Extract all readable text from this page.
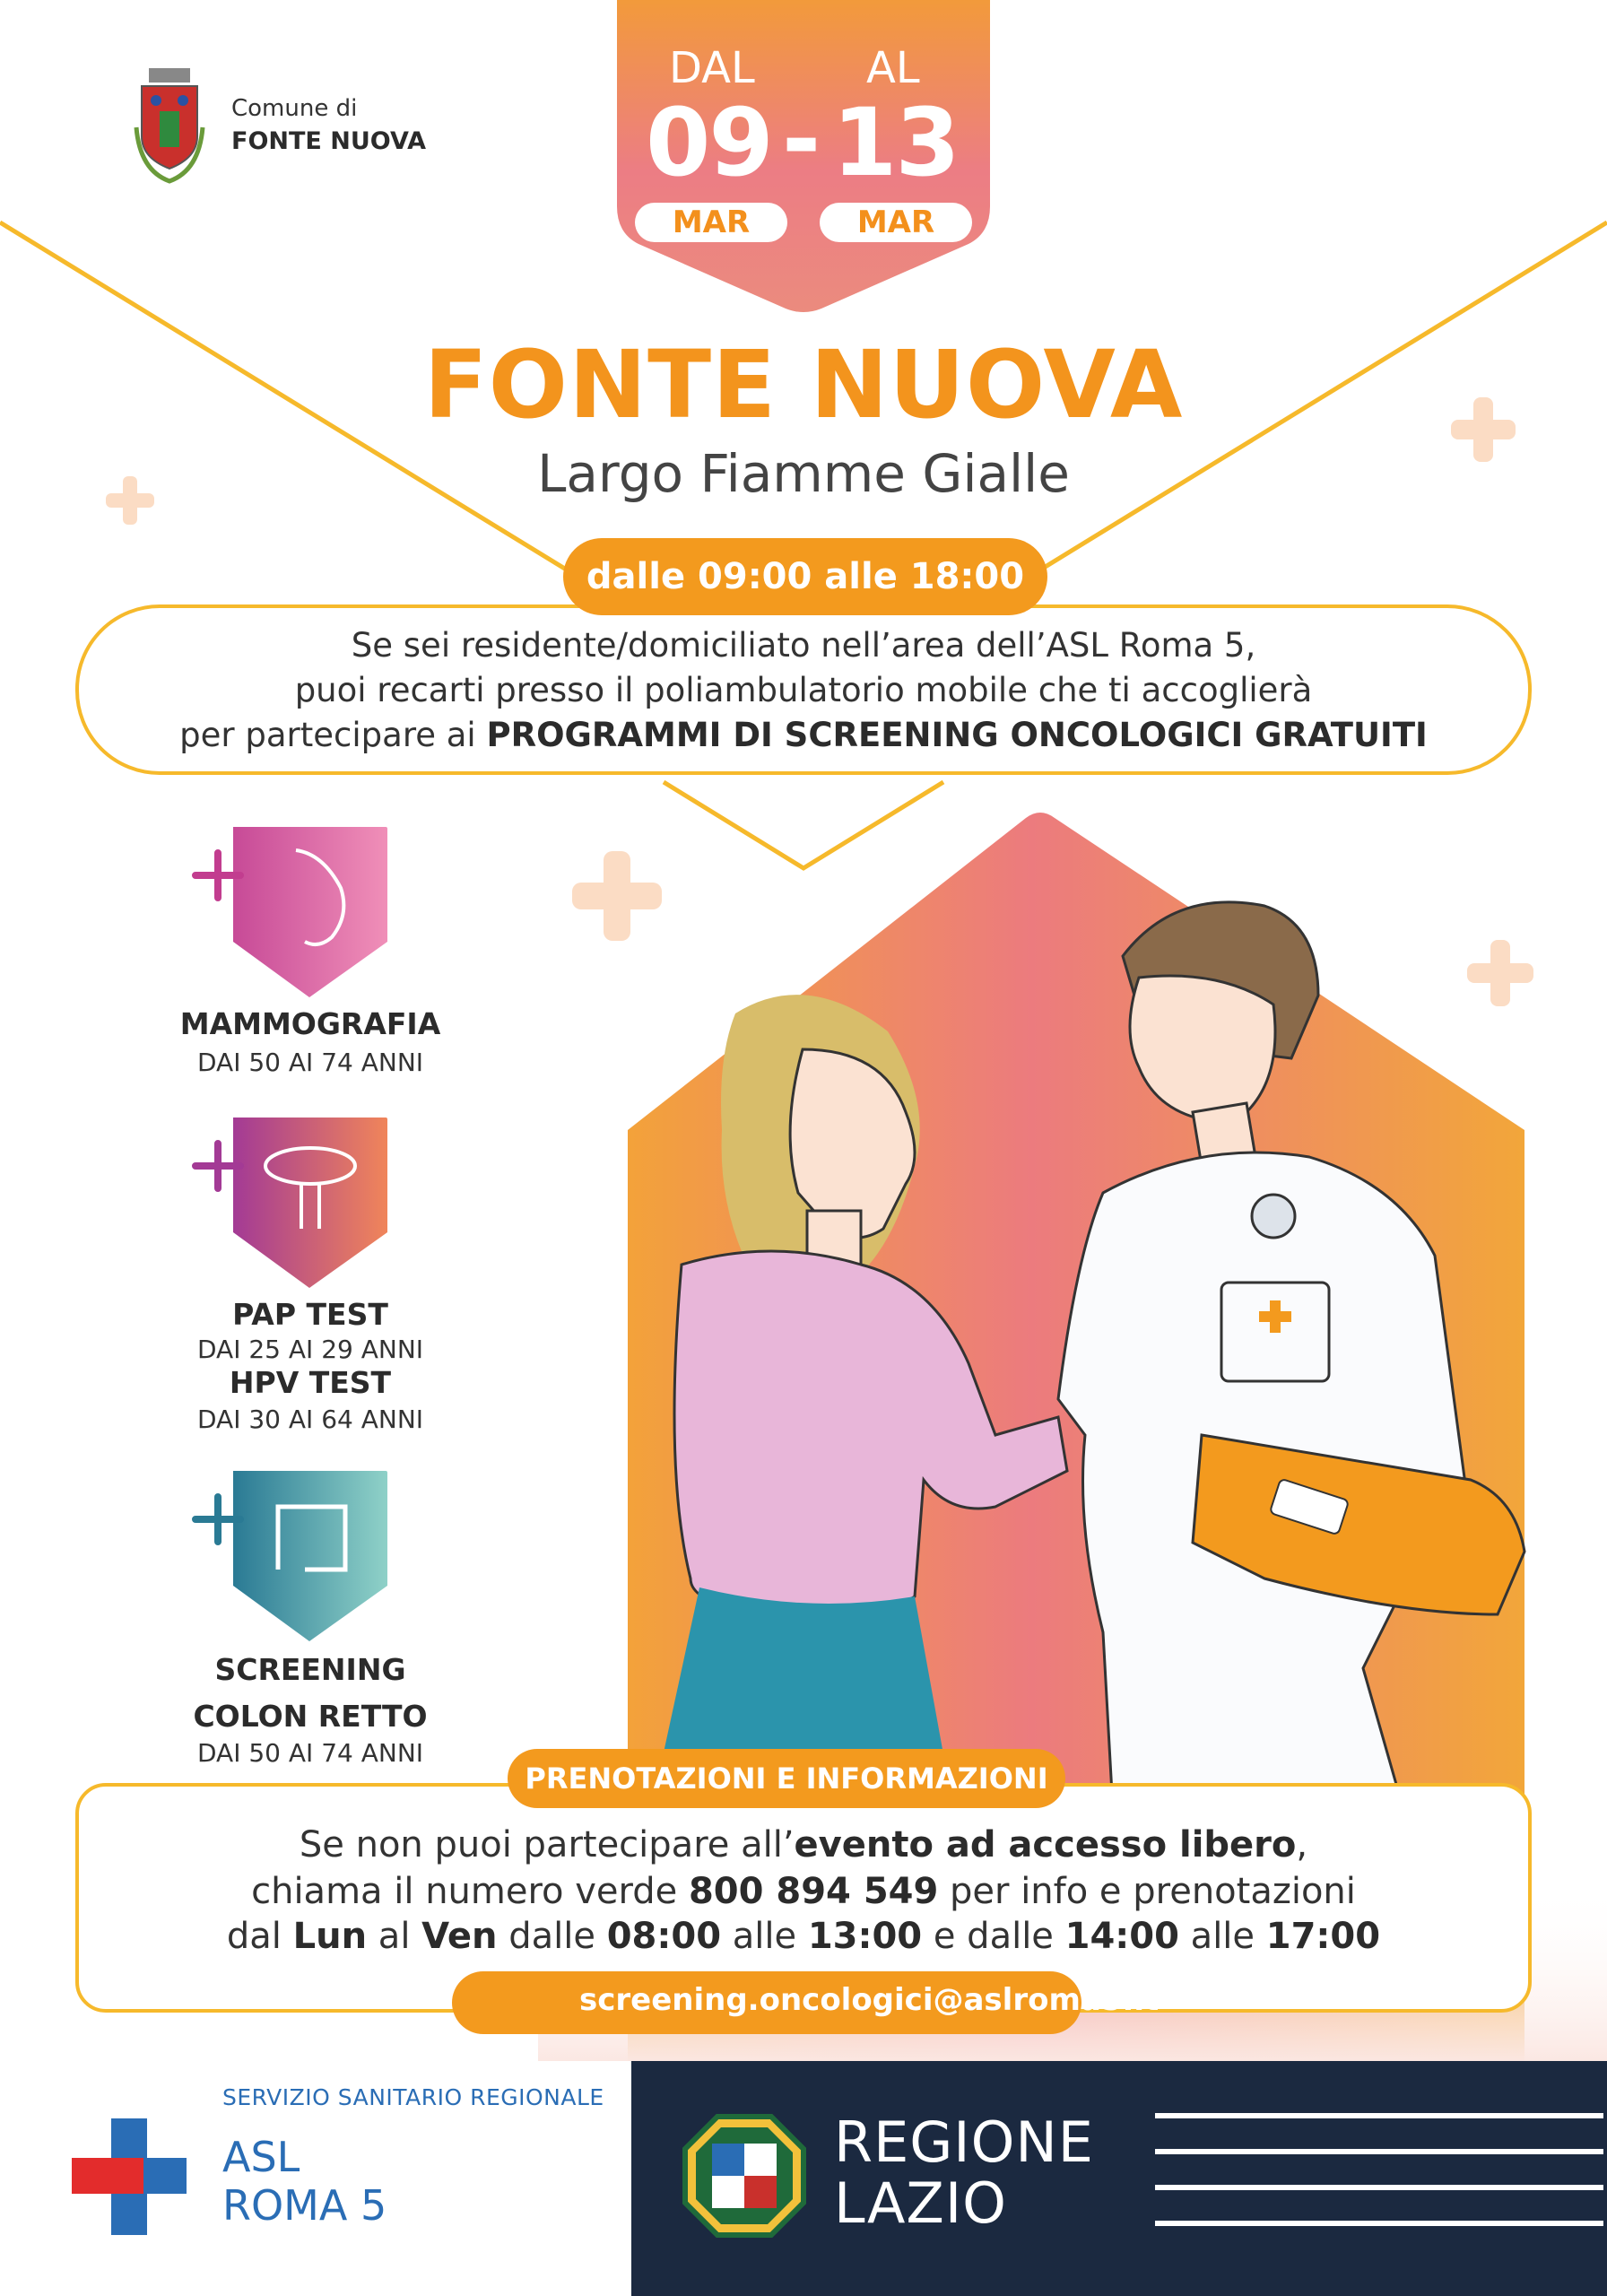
Comune di
FONTE NUOVA
DAL	AL
09 - 13
MAR	MAR
FONTE NUOVA
Largo Fiamme Gialle
dalle 09:00 alle 18:00
Se sei residente/domiciliato nell’area dell’ASL Roma 5,
puoi recarti presso il poliambulatorio mobile che ti accoglierà
per partecipare ai PROGRAMMI DI SCREENING ONCOLOGICI GRATUITI
MAMMOGRAFIA
DAI 50 AI 74 ANNI
PAP TEST
DAI 25 AI 29 ANNI
HPV TEST
DAI 30 AI 64 ANNI
SCREENING
COLON RETTO
DAI 50 AI 74 ANNI
PRENOTAZIONI E INFORMAZIONI
Se non puoi partecipare all’evento ad accesso libero,
chiama il numero verde 800 894 549 per info e prenotazioni
dal Lun al Ven dalle 08:00 alle 13:00 e dalle 14:00 alle 17:00
screening.oncologici@aslroma5.it
SERVIZIO SANITARIO REGIONALE
ASL
ROMA 5
REGIONE
LAZIO
